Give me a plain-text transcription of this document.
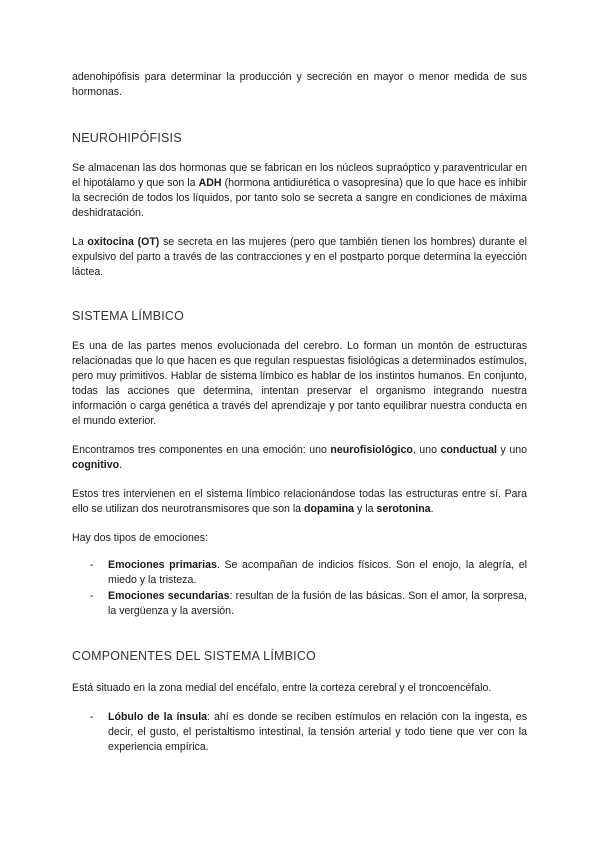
adenohipófisis para determinar la producción y secreción en mayor o menor medida de sus hormonas.
NEUROHIPÓFISIS
Se almacenan las dos hormonas que se fabrican en los núcleos supraóptico y paraventricular en el hipotálamo y que son la ADH (hormona antidiurética o vasopresina) que lo que hace es inhibir la secreción de todos los líquidos, por tanto solo se secreta a sangre en condiciones de máxima deshidratación.
La oxitocina (OT) se secreta en las mujeres (pero que también tienen los hombres) durante el expulsivo del parto a través de las contracciones y en el postparto porque determina la eyección láctea.
SISTEMA LÍMBICO
Es una de las partes menos evolucionada del cerebro. Lo forman un montón de estructuras relacionadas que lo que hacen es que regulan respuestas fisiológicas a determinados estímulos, pero muy primitivos. Hablar de sistema límbico es hablar de los instintos humanos. En conjunto, todas las acciones que determina, intentan preservar el organismo integrando nuestra información o carga genética a través del aprendizaje y por tanto equilibrar nuestra conducta en el mundo exterior.
Encontramos tres componentes en una emoción: uno neurofisiológico, uno conductual y uno cognitivo.
Estos tres intervienen en el sistema límbico relacionándose todas las estructuras entre sí. Para ello se utilizan dos neurotransmisores que son la dopamina y la serotonina.
Hay dos tipos de emociones:
- Emociones primarias. Se acompañan de indicios físicos. Son el enojo, la alegría, el miedo y la tristeza.
- Emociones secundarias: resultan de la fusión de las básicas. Son el amor, la sorpresa, la vergüenza y la aversión.
COMPONENTES DEL SISTEMA LÍMBICO
Está situado en la zona medial del encéfalo, entre la corteza cerebral y el troncoencéfalo.
- Lóbulo de la ínsula: ahí es donde se reciben estímulos en relación con la ingesta, es decir, el gusto, el peristaltismo intestinal, la tensión arterial y todo tiene que ver con la experiencia empírica.
